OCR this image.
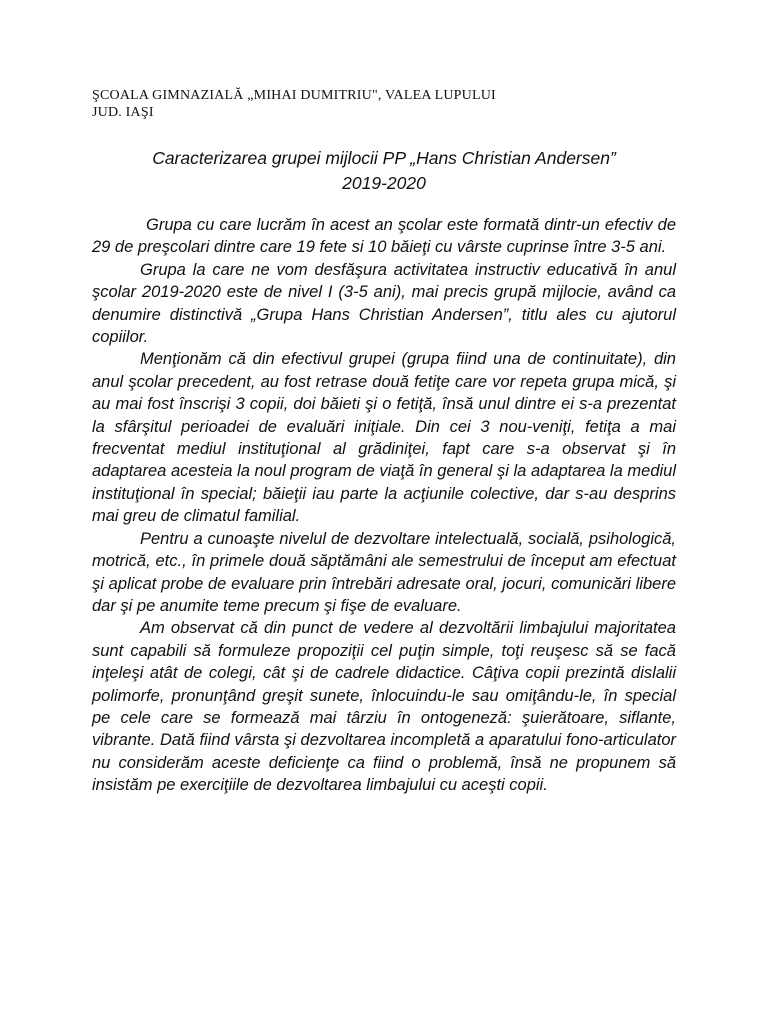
ŞCOALA GIMNAZIALĂ „MIHAI DUMITRIU", VALEA LUPULUI
JUD. IAŞI
Caracterizarea grupei mijlocii PP „Hans Christian Andersen”
2019-2020

Grupa cu care lucrăm în acest an şcolar este formată dintr-un efectiv de 29 de preşcolari dintre care 19 fete si 10 băieţi cu vârste cuprinse între 3-5 ani.

Grupa la care ne vom desfăşura activitatea instructiv educativă în anul şcolar 2019-2020 este de nivel I (3-5 ani), mai precis grupă mijlocie, având ca denumire distinctivă „Grupa Hans Christian Andersen”, titlu ales cu ajutorul copiilor.

Menţionăm că din efectivul grupei (grupa fiind una de continuitate), din anul şcolar precedent, au fost retrase două fetiţe care vor repeta grupa mică, şi au mai fost înscrişi 3 copii, doi băieti şi o fetiţă, însă unul dintre ei s-a prezentat la sfârşitul perioadei de evaluări iniţiale. Din cei 3 nou-veniţi, fetiţa a mai frecventat mediul instituţional al grădiniţei, fapt care s-a observat şi în adaptarea acesteia la noul program de viaţă în general şi la adaptarea la mediul instituţional în special; băieţii iau parte la acţiunile colective, dar s-au desprins mai greu de climatul familial.

Pentru a cunoaşte nivelul de dezvoltare intelectuală, socială, psihologică, motrică, etc., în primele două săptămâni ale semestrului de început am efectuat şi aplicat probe de evaluare prin întrebări adresate oral, jocuri, comunicări libere dar şi pe anumite teme precum şi fişe de evaluare.

Am observat că din punct de vedere al dezvoltării limbajului majoritatea sunt capabili să formuleze propoziţii cel puţin simple, toţi reuşesc să se facă inţeleşi atât de colegi, cât şi de cadrele didactice. Câţiva copii prezintă dislalii polimorfe, pronunţând greşit sunete, înlocuindu-le sau omiţându-le, în special pe cele care se formează mai târziu în ontogeneză: şuierătoare, siflante, vibrante. Dată fiind vârsta şi dezvoltarea incompletă a aparatului fono-articulator nu considerăm aceste deficienţe ca fiind o problemă, însă ne propunem să insistăm pe exerciţiile de dezvoltarea limbajului cu aceşti copii.
